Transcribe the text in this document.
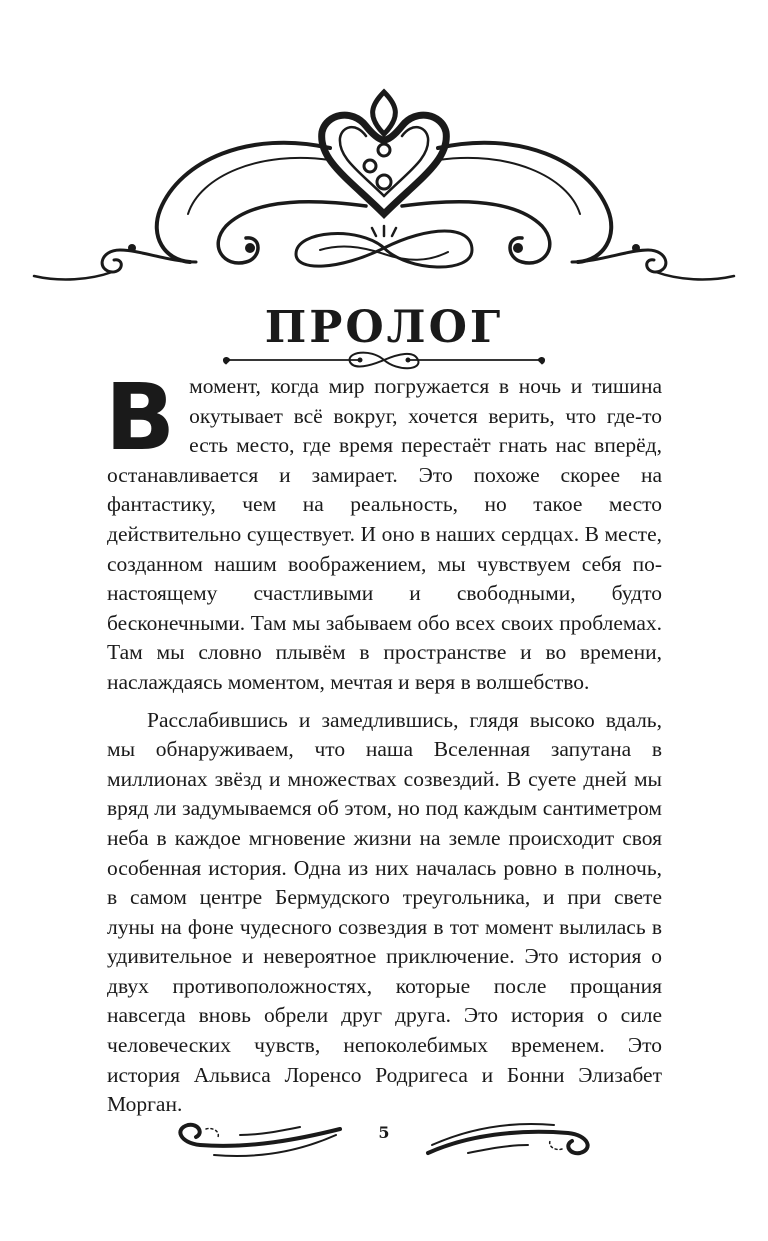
ПРОЛОГ

В момент, когда мир погружается в ночь и тишина окутывает всё вокруг, хочется верить, что где-то есть место, где время перестаёт гнать нас вперёд, останавливается и замирает. Это похоже скорее на фантастику, чем на реальность, но такое место действительно существует. И оно в наших сердцах. В месте, созданном нашим воображением, мы чувствуем себя по-настоящему счастливыми и свободными, будто бесконечными. Там мы забываем обо всех своих проблемах. Там мы словно плывём в пространстве и во времени, наслаждаясь моментом, мечтая и веря в волшебство.

Расслабившись и замедлившись, глядя высоко вдаль, мы обнаруживаем, что наша Вселенная запутана в миллионах звёзд и множествах созвездий. В суете дней мы вряд ли задумываемся об этом, но под каждым сантиметром неба в каждое мгновение жизни на земле происходит своя особенная история. Одна из них началась ровно в полночь, в самом центре Бермудского треугольника, и при свете луны на фоне чудесного созвездия в тот момент вылилась в удивительное и невероятное приключение. Это история о двух противоположностях, которые после прощания навсегда вновь обрели друг друга. Это история о силе человеческих чувств, непоколебимых временем. Это история Альвиса Лоренсо Родригеса и Бонни Элизабет Морган.

5
